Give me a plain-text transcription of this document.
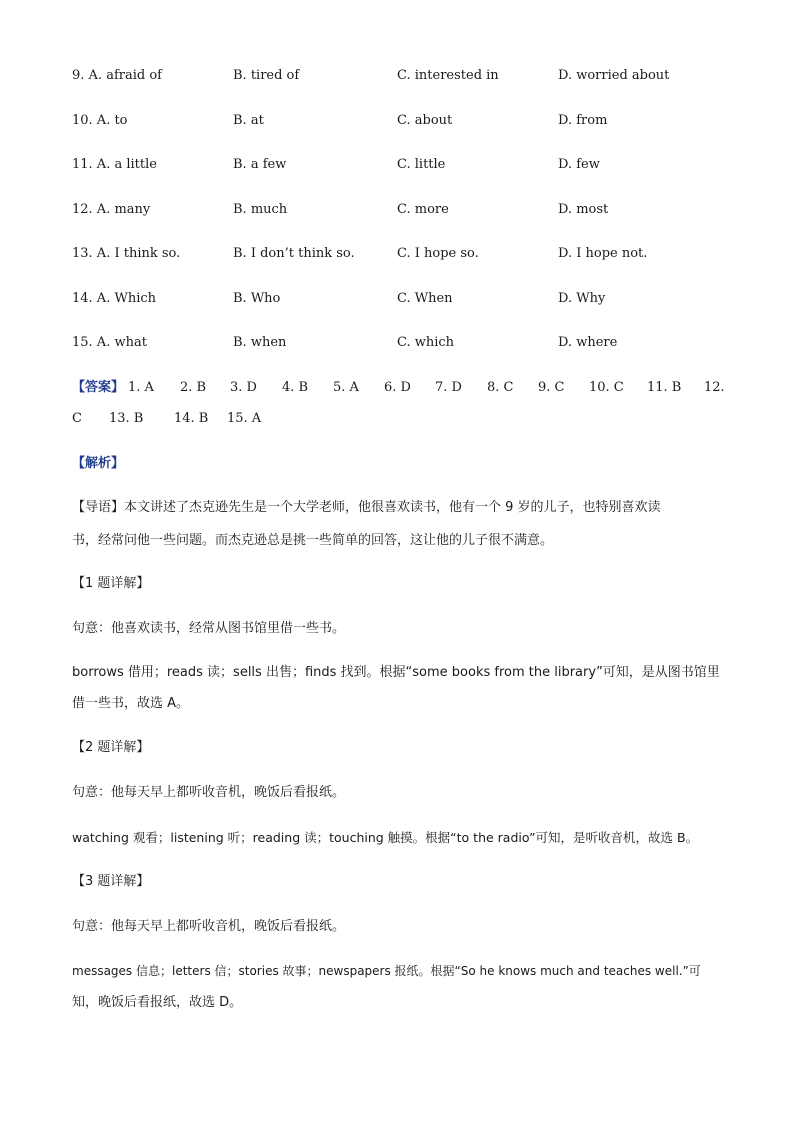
9. A. afraid of	B. tired of	C. interested in	D. worried about
10. A. to	B. at	C. about	D. from
11. A. a little	B. a few	C. little	D. few
12. A. many	B. much	C. more	D. most
13. A. I think so.	B. I don’t think so.	C. I hope so.	D. I hope not.
14. A. Which	B. Who	C. When	D. Why
15. A. what	B. when	C. which	D. where
【答案】 1. A 2. B 3. D 4. B 5. A 6. D 7. D 8. C 9. C 10. C 11. B 12.
C 13. B 14. B 15. A
【解析】
【导语】本文讲述了杰克逊先生是一个大学老师，他很喜欢读书，他有一个 9 岁的儿子，也特别喜欢读
书，经常问他一些问题。而杰克逊总是挑一些简单的回答，这让他的儿子很不满意。
【1 题详解】
句意：他喜欢读书，经常从图书馆里借一些书。
borrows 借用；reads 读；sells 出售；finds 找到。根据“some books from the library”可知，是从图书馆里
借一些书，故选 A。
【2 题详解】
句意：他每天早上都听收音机，晚饭后看报纸。
watching 观看；listening 听；reading 读；touching 触摸。根据“to the radio”可知，是听收音机，故选 B。
【3 题详解】
句意：他每天早上都听收音机，晚饭后看报纸。
messages 信息；letters 信；stories 故事；newspapers 报纸。根据“So he knows much and teaches well.”可
知，晚饭后看报纸，故选 D。
